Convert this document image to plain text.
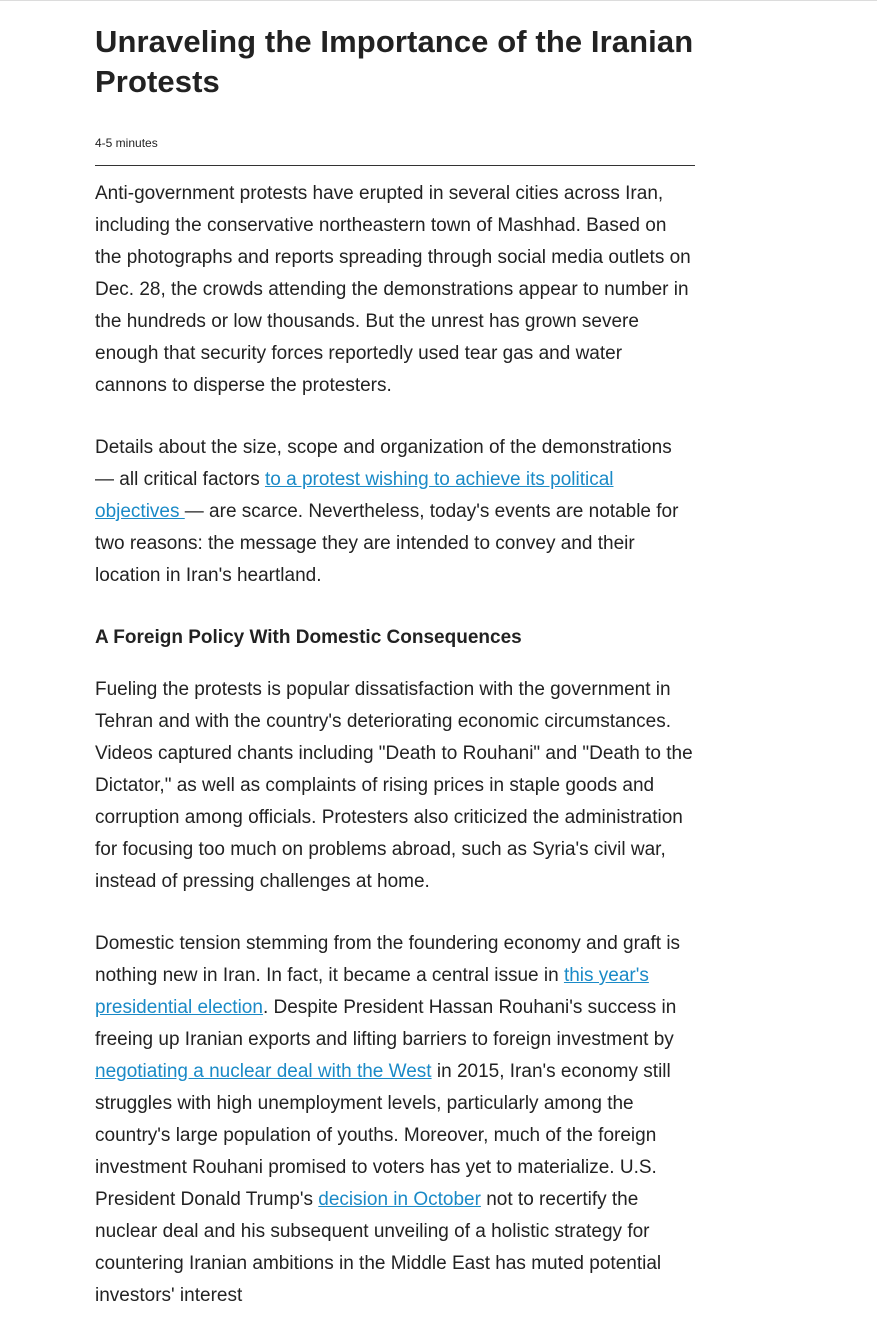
Unraveling the Importance of the Iranian Protests
4-5 minutes

Anti-government protests have erupted in several cities across Iran, including the conservative northeastern town of Mashhad. Based on the photographs and reports spreading through social media outlets on Dec. 28, the crowds attending the demonstrations appear to number in the hundreds or low thousands. But the unrest has grown severe enough that security forces reportedly used tear gas and water cannons to disperse the protesters.

Details about the size, scope and organization of the demonstrations — all critical factors to a protest wishing to achieve its political objectives — are scarce. Nevertheless, today's events are notable for two reasons: the message they are intended to convey and their location in Iran's heartland.

A Foreign Policy With Domestic Consequences

Fueling the protests is popular dissatisfaction with the government in Tehran and with the country's deteriorating economic circumstances. Videos captured chants including "Death to Rouhani" and "Death to the Dictator," as well as complaints of rising prices in staple goods and corruption among officials. Protesters also criticized the administration for focusing too much on problems abroad, such as Syria's civil war, instead of pressing challenges at home.

Domestic tension stemming from the foundering economy and graft is nothing new in Iran. In fact, it became a central issue in this year's presidential election. Despite President Hassan Rouhani's success in freeing up Iranian exports and lifting barriers to foreign investment by negotiating a nuclear deal with the West in 2015, Iran's economy still struggles with high unemployment levels, particularly among the country's large population of youths. Moreover, much of the foreign investment Rouhani promised to voters has yet to materialize. U.S. President Donald Trump's decision in October not to recertify the nuclear deal and his subsequent unveiling of a holistic strategy for countering Iranian ambitions in the Middle East has muted potential investors' interest
